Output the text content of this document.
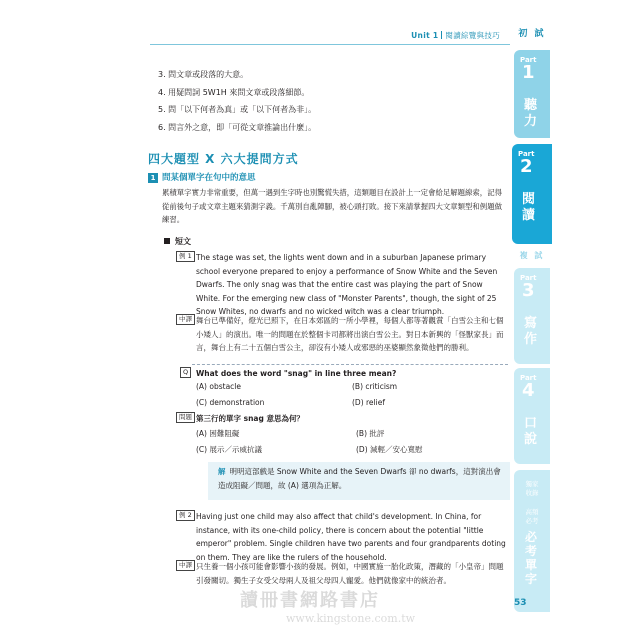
Unit 1 閱讀綜覽與技巧	初 試
Part
1
聽力
Part
2
閱讀
複 試
Part
3
寫作
Part
4
口說
獨家
收錄
高頻
必考
必考單字
53
3. 問文章或段落的大意。
4. 用疑問詞 5W1H 來問文章或段落細節。
5. 問「以下何者為真」或「以下何者為非」。
6. 問言外之意，即「可從文章推論出什麼」。
四大題型 X 六大提問方式
1 問某個單字在句中的意思
累積單字實力非常重要，但萬一遇到生字時也別驚慌失措，這類題目在設計上一定會給足解題線索，記得從前後句子或文章主題來猜測字義。千萬別自亂陣腳，被心頭打敗。接下來請掌握四大文章類型和例題做練習。
短文
例 1 The stage was set, the lights went down and in a suburban Japanese primary school everyone prepared to enjoy a performance of Snow White and the Seven Dwarfs. The only snag was that the entire cast was playing the part of Snow White. For the emerging new class of "Monster Parents", though, the sight of 25 Snow Whites, no dwarfs and no wicked witch was a clear triumph.
中譯 舞台已準備好，燈光已照下，在日本郊區的一所小學裡，每個人都等著觀賞「白雪公主和七個小矮人」的演出。唯一的問題在於整個卡司都將出演白雪公主。對日本新興的「怪獸家長」而言，舞台上有二十五個白雪公主，卻沒有小矮人或邪惡的巫婆顯然象徵他們的勝利。
Q	What does the word "snag" in line three mean?
(A) obstacle	(B) criticism
(C) demonstration	(D) relief
問題 第三行的單字 snag 意思為何？
(A) 困難阻礙	(B) 批評
(C) 展示／示威抗議	(D) 減輕／安心寬慰
解 明明這部戲是 Snow White and the Seven Dwarfs 卻 no dwarfs，這對演出會造成阻礙／問題，故 (A) 選項為正解。
例 2 Having just one child may also affect that child's development. In China, for instance, with its one-child policy, there is concern about the potential "little emperor" problem. Single children have two parents and four grandparents doting on them. They are like the rulers of the household.
中譯 只生養一個小孩可能會影響小孩的發展。例如，中國實施一胎化政策，潛藏的「小皇帝」問題引發關切。獨生子女受父母兩人及祖父母四人寵愛。他們就像家中的統治者。
讀冊書網路書店
www.kingstone.com.tw
